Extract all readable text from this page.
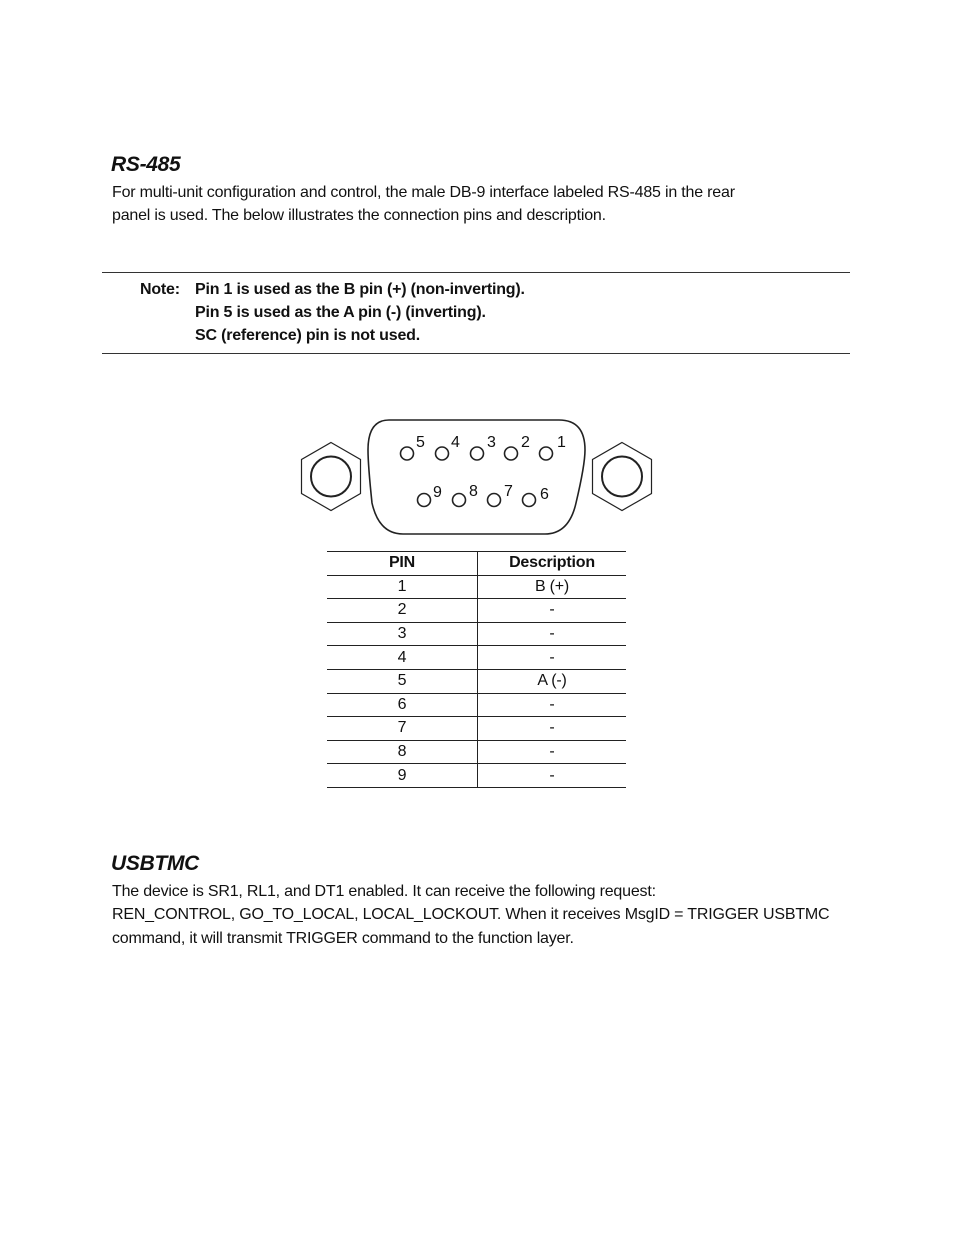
RS-485

For multi-unit configuration and control, the male DB-9 interface labeled RS-485 in the rear
panel is used. The below illustrates the connection pins and description.

Note: Pin 1 is used as the B pin (+) (non-inverting).
Pin 5 is used as the A pin (-) (inverting).
SC (reference) pin is not used.
5 4 3 2 1
9 8 7 6
PIN	Description
1	B (+)
2	-
3	-
4	-
5	A (-)
6	-
7	-
8	-
9	-
USBTMC

The device is SR1, RL1, and DT1 enabled. It can receive the following request:
REN_CONTROL, GO_TO_LOCAL, LOCAL_LOCKOUT. When it receives MsgID = TRIGGER USBTMC
command, it will transmit TRIGGER command to the function layer.
